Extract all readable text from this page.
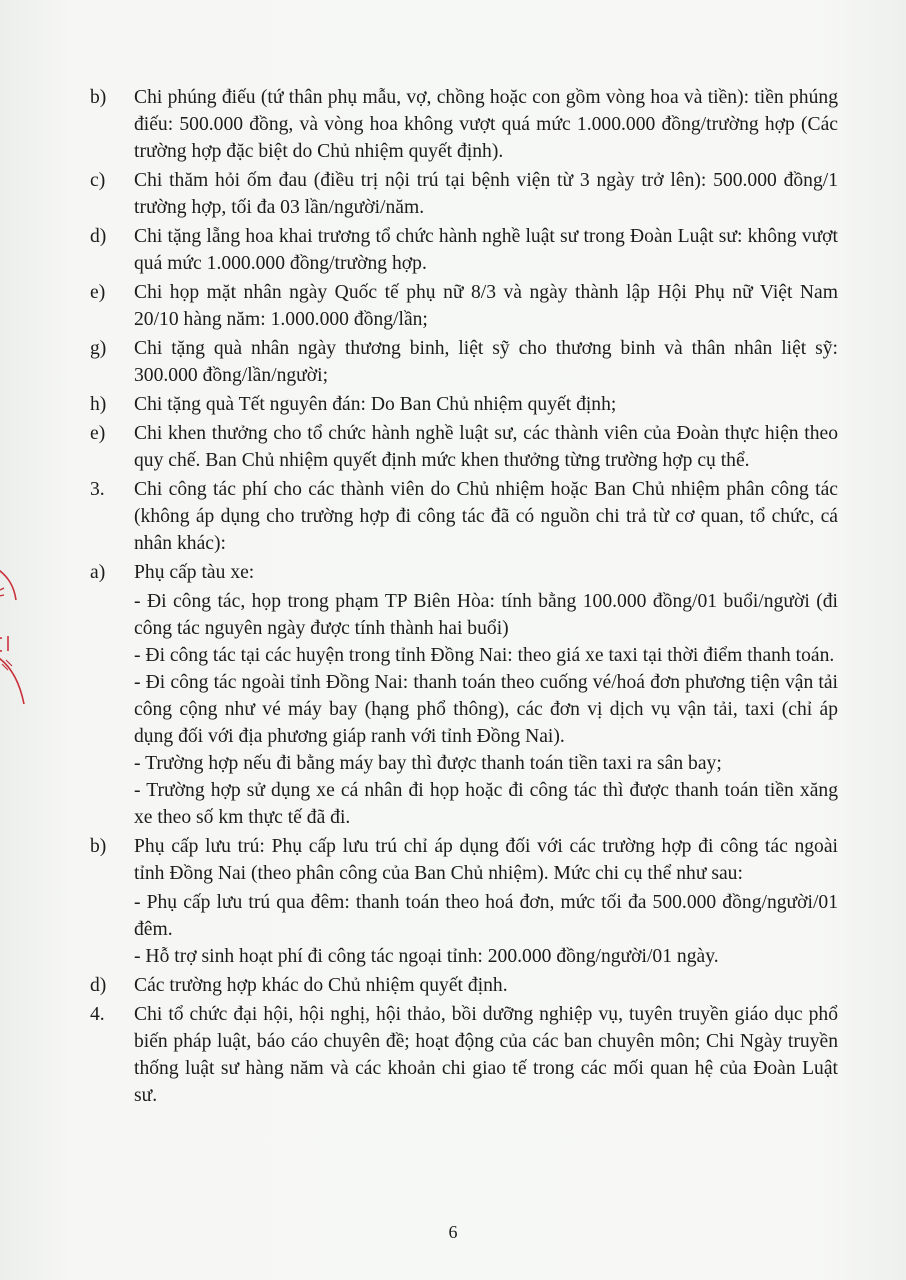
b)	Chi phúng điếu (tứ thân phụ mẫu, vợ, chồng hoặc con gồm vòng hoa và tiền): tiền phúng điếu: 500.000 đồng, và vòng hoa không vượt quá mức 1.000.000 đồng/trường hợp (Các trường hợp đặc biệt do Chủ nhiệm quyết định).
c)	Chi thăm hỏi ốm đau (điều trị nội trú tại bệnh viện từ 3 ngày trở lên): 500.000 đồng/1 trường hợp, tối đa 03 lần/người/năm.
d)	Chi tặng lẵng hoa khai trương tổ chức hành nghề luật sư trong Đoàn Luật sư: không vượt quá mức 1.000.000 đồng/trường hợp.
e)	Chi họp mặt nhân ngày Quốc tế phụ nữ 8/3 và ngày thành lập Hội Phụ nữ Việt Nam 20/10 hàng năm: 1.000.000 đồng/lần;
g)	Chi tặng quà nhân ngày thương binh, liệt sỹ cho thương binh và thân nhân liệt sỹ: 300.000 đồng/lần/người;
h)	Chi tặng quà Tết nguyên đán: Do Ban Chủ nhiệm quyết định;
e)	Chi khen thưởng cho tổ chức hành nghề luật sư, các thành viên của Đoàn thực hiện theo quy chế. Ban Chủ nhiệm quyết định mức khen thưởng từng trường hợp cụ thể.
3.	Chi công tác phí cho các thành viên do Chủ nhiệm hoặc Ban Chủ nhiệm phân công tác (không áp dụng cho trường hợp đi công tác đã có nguồn chi trả từ cơ quan, tổ chức, cá nhân khác):
a)	Phụ cấp tàu xe:
- Đi công tác, họp trong phạm TP Biên Hòa: tính bằng 100.000 đồng/01 buổi/người (đi công tác nguyên ngày được tính thành hai buổi)
- Đi công tác tại các huyện trong tỉnh Đồng Nai: theo giá xe taxi tại thời điểm thanh toán.
- Đi công tác ngoài tỉnh Đồng Nai: thanh toán theo cuống vé/hoá đơn phương tiện vận tải công cộng như vé máy bay (hạng phổ thông), các đơn vị dịch vụ vận tải, taxi (chỉ áp dụng đối với địa phương giáp ranh với tỉnh Đồng Nai).
- Trường hợp nếu đi bằng máy bay thì được thanh toán tiền taxi ra sân bay;
- Trường hợp sử dụng xe cá nhân đi họp hoặc đi công tác thì được thanh toán tiền xăng xe theo số km thực tế đã đi.
b)	Phụ cấp lưu trú: Phụ cấp lưu trú chỉ áp dụng đối với các trường hợp đi công tác ngoài tỉnh Đồng Nai (theo phân công của Ban Chủ nhiệm). Mức chi cụ thể như sau:
- Phụ cấp lưu trú qua đêm: thanh toán theo hoá đơn, mức tối đa 500.000 đồng/người/01 đêm.
- Hỗ trợ sinh hoạt phí đi công tác ngoại tỉnh: 200.000 đồng/người/01 ngày.
d)	Các trường hợp khác do Chủ nhiệm quyết định.
4.	Chi tổ chức đại hội, hội nghị, hội thảo, bồi dưỡng nghiệp vụ, tuyên truyền giáo dục phổ biến pháp luật, báo cáo chuyên đề; hoạt động của các ban chuyên môn; Chi Ngày truyền thống luật sư hàng năm và các khoản chi giao tế trong các mối quan hệ của Đoàn Luật sư.
6
